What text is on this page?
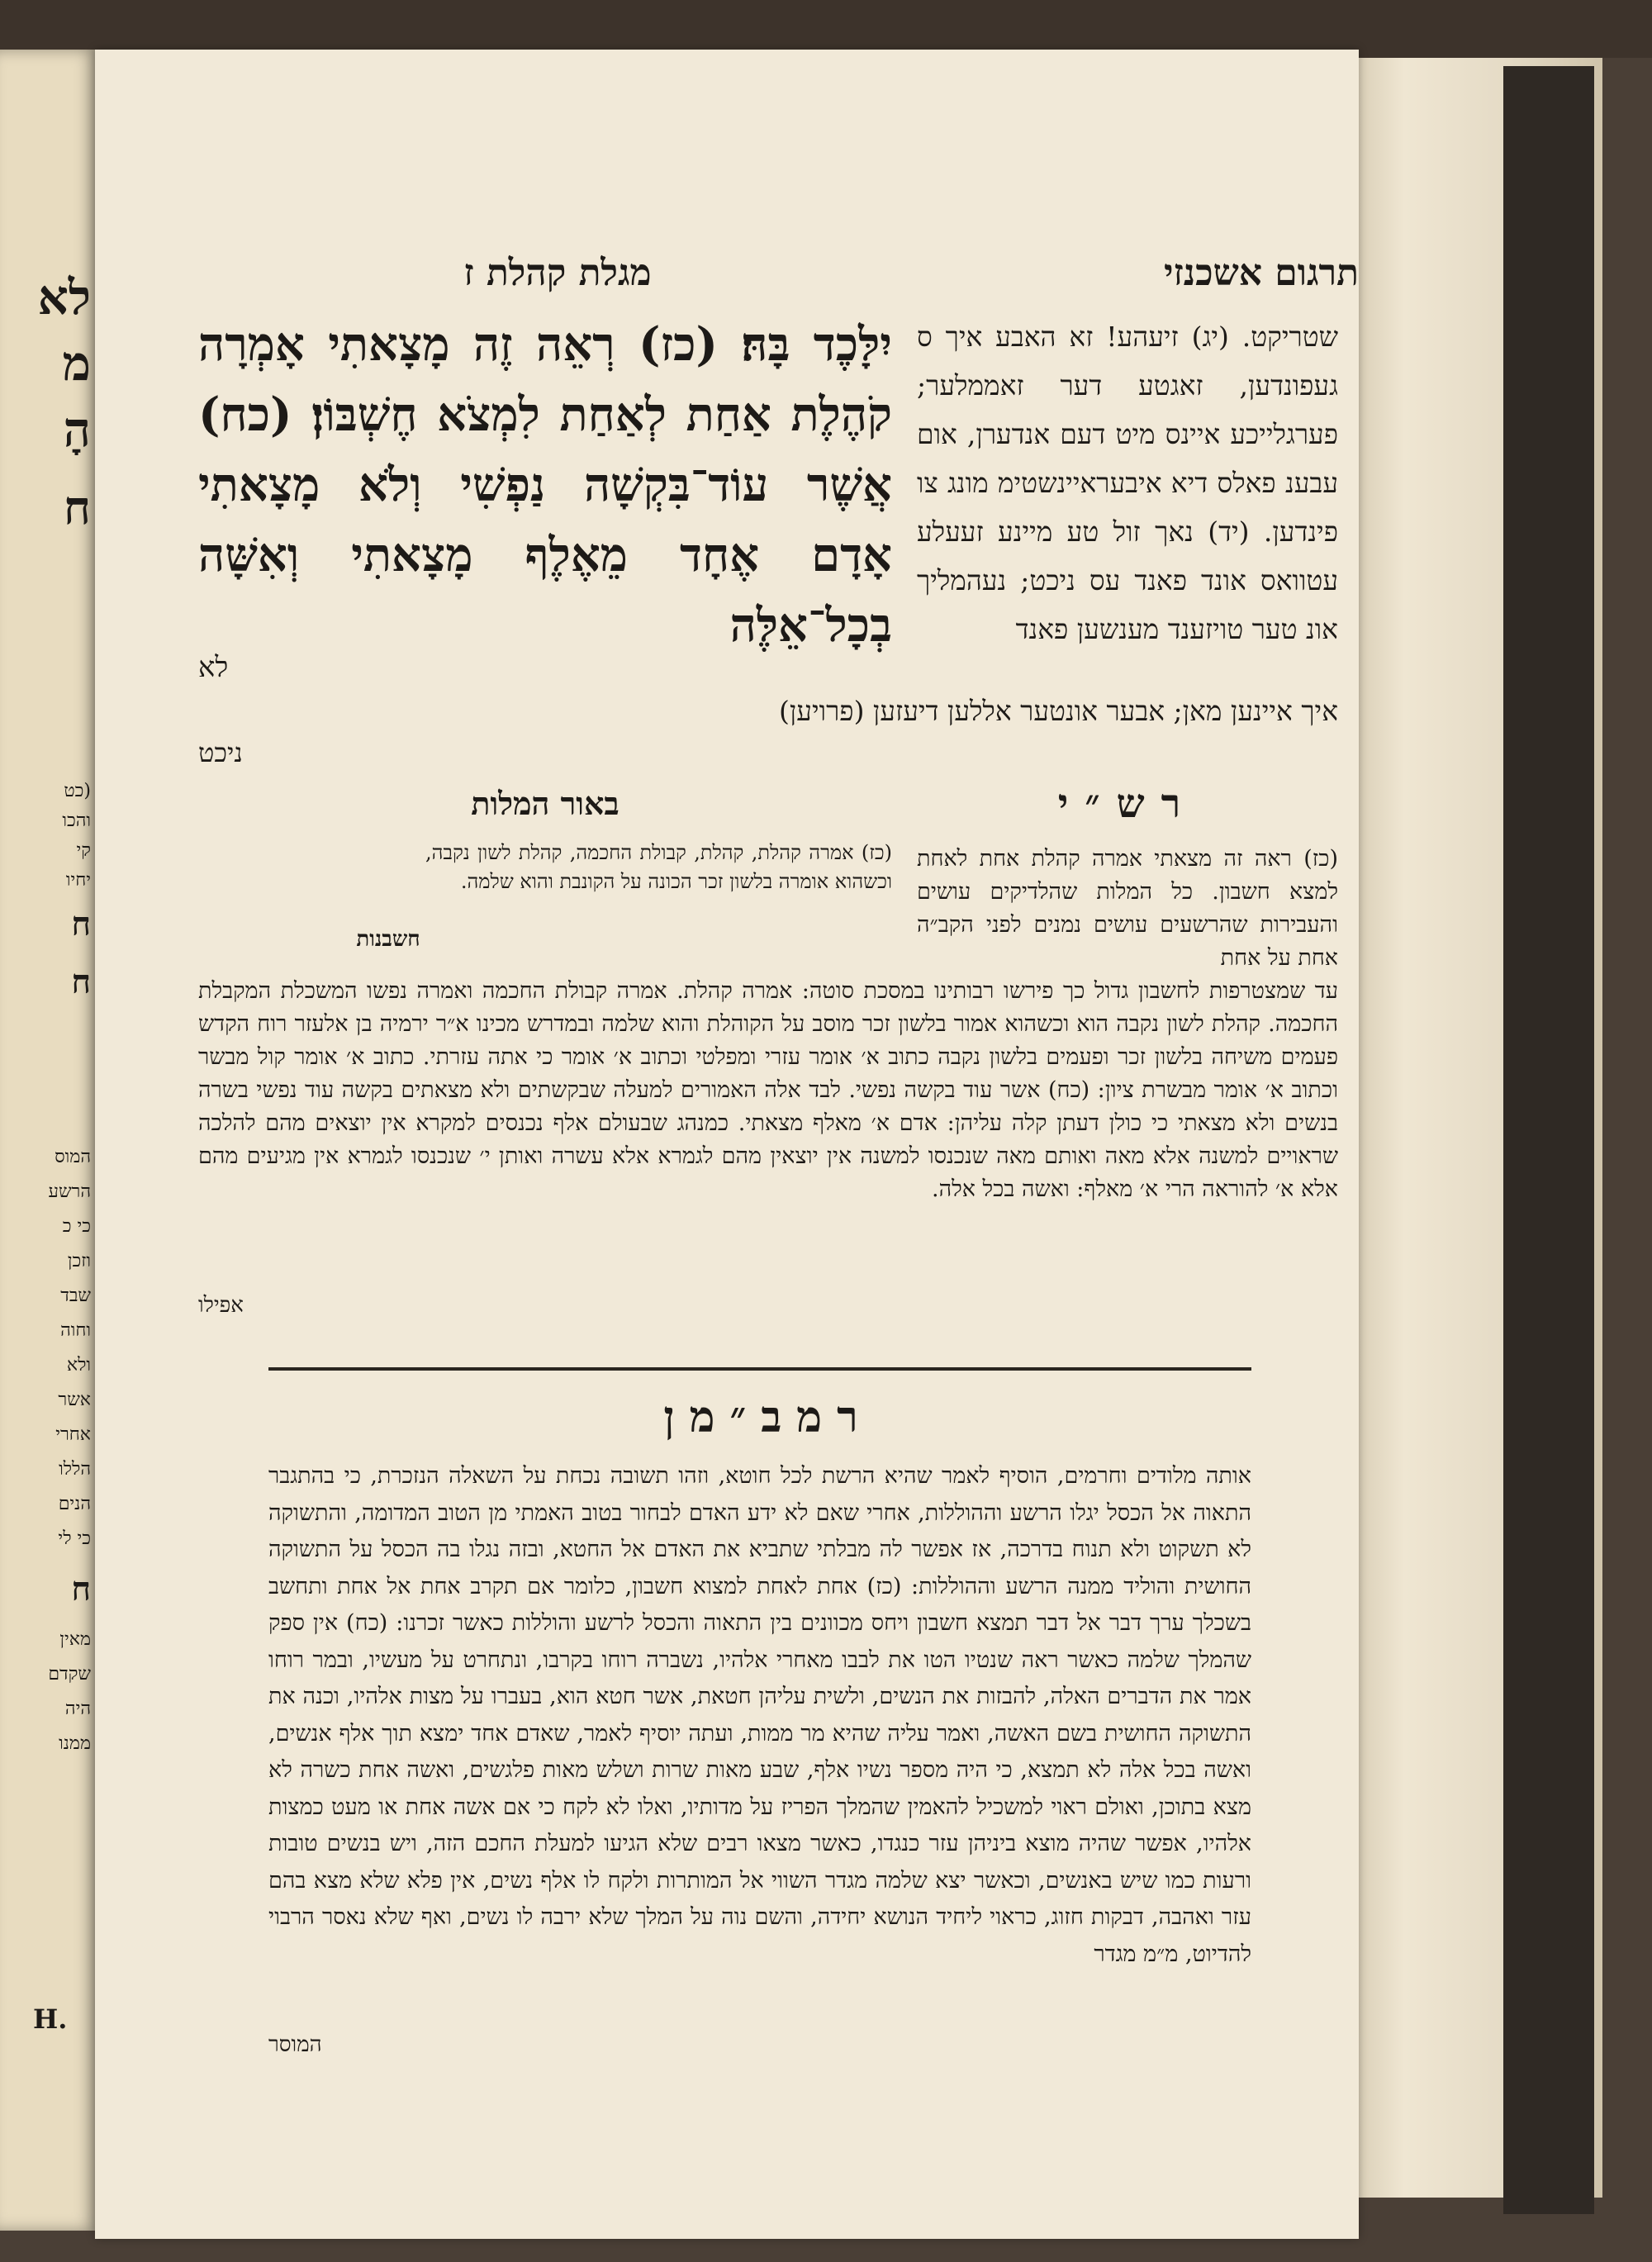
לא
מ
הָ
ח
(כט
והכו
קי
יחיו
ח
ח
המוס
הרשע
כי כ
וזכן
שבד
וחוה
ולא
אשר
אחרי
הללו
הנים
כי לי
ח
מאין
שקדם
היה
ממנו
H.
תרגום אשכנזי
מגלת קהלת ז
יִלָּכֶד בָּהּ׃ (כז) רְאֵה זֶה מָצָאתִי אָמְרָה קֹהֶלֶת אַחַת לְאַחַת לִמְצֹא חֶשְׁבּוֹן׃ (כח) אֲשֶׁר עוֹד־בִּקְשָׁה נַפְשִׁי וְלֹא מָצָאתִי אָדָם אֶחָד מֵאֶלֶף מָצָאתִי וְאִשָּׁה בְכָל־אֵלֶּה
לא
שטריקט. (יג) זיעהע! זא האבע איך ס געפונדען, זאגטע דער זאממלער; פערגלייכע איינס מיט דעם אנדערן, אום עבענ פאלס דיא איבעראיינשטימ מונג צו פינדען. (יד) נאך זול טע מיינע זעעלע עטוואס אונד פאנד עס ניכט; נעהמליך אונ טער טויזענד מענשען פאנד
איך איינען מאן; אבער אונטער אללען דיעזען (פרויען)
ניכט
רש״י
באור המלות
(כז) אמרה קהלת, קהלת, קבולת החכמה, קהלת לשון נקבה, וכשהוא אומרה בלשון זכר הכונה על הקונבת והוא שלמה.
חשבנות
(כז) ראה זה מצאתי אמרה קהלת אחת לאחת למצא חשבון. כל המלות שהלדיקים עושים והעבירות שהרשעים עושים נמנים לפני הקב״ה אחת על אחת
עד שמצטרפות לחשבון גדול כך פירשו רבותינו במסכת סוטה: אמרה קהלת. אמרה קבולת החכמה ואמרה נפשו המשכלת המקבלת החכמה. קהלת לשון נקבה הוא וכשהוא אמור בלשון זכר מוסב על הקוהלת והוא שלמה ובמדרש מכינו א״ר ירמיה בן אלעזר רוח הקדש פעמים משיחה בלשון זכר ופעמים בלשון נקבה כתוב א׳ אומר עזרי ומפלטי וכתוב א׳ אומר כי אתה עזרתי. כתוב א׳ אומר קול מבשר וכתוב א׳ אומר מבשרת ציון: (כח) אשר עוד בקשה נפשי. לבד אלה האמורים למעלה שבקשתים ולא מצאתים בקשה עוד נפשי בשרה בנשים ולא מצאתי כי כולן דעתן קלה עליהן: אדם א׳ מאלף מצאתי. כמנהג שבעולם אלף נכנסים למקרא אין יוצאים מהם להלכה שראויים למשנה אלא מאה ואותם מאה שנכנסו למשנה אין יוצאין מהם לגמרא אלא עשרה ואותן י׳ שנכנסו לגמרא אין מגיעים מהם אלא א׳ להוראה הרי א׳ מאלף: ואשה בכל אלה.
אפילו
רמב״מן
אותה מלודים וחרמים, הוסיף לאמר שהיא הרשת לכל חוטא, וזהו תשובה נכחת על השאלה הנזכרת, כי בהתגבר התאוה אל הכסל יגלו הרשע וההוללות, אחרי שאם לא ידע האדם לבחור בטוב האמתי מן הטוב המדומה, והתשוקה לא תשקוט ולא תנוח בדרכה, אז אפשר לה מבלתי שתביא את האדם אל החטא, ובזה נגלו בה הכסל על התשוקה החושית והוליד ממנה הרשע וההוללות: (כז) אחת לאחת למצוא חשבון, כלומר אם תקרב אחת אל אחת ותחשב בשכלך ערך דבר אל דבר תמצא חשבון ויחס מכוונים בין התאוה והכסל לרשע והוללות כאשר זכרנו: (כח) אין ספק שהמלך שלמה כאשר ראה שנטיו הטו את לבבו מאחרי אלהיו, נשברה רוחו בקרבו, ונתחרט על מעשיו, ובמר רוחו אמר את הדברים האלה, להבזות את הנשים, ולשית עליהן חטאת, אשר חטא הוא, בעברו על מצות אלהיו, וכנה את התשוקה החושית בשם האשה, ואמר עליה שהיא מר ממות, ועתה יוסיף לאמר, שאדם אחד ימצא תוך אלף אנשים, ואשה בכל אלה לא תמצא, כי היה מספר נשיו אלף, שבע מאות שרות ושלש מאות פלגשים, ואשה אחת כשרה לא מצא בתוכן, ואולם ראוי למשכיל להאמין שהמלך הפריז על מדותיו, ואלו לא לקח כי אם אשה אחת או מעט כמצות אלהיו, אפשר שהיה מוצא ביניהן עזר כנגדו, כאשר מצאו רבים שלא הגיעו למעלת החכם הזה, ויש בנשים טובות ורעות כמו שיש באנשים, וכאשר יצא שלמה מגדר השווי אל המותרות ולקח לו אלף נשים, אין פלא שלא מצא בהם עזר ואהבה, דבקות חזוג, כראוי ליחיד הנושא יחידה, והשם נוה על המלך שלא ירבה לו נשים, ואף שלא נאסר הרבוי להדיוט, מ״מ מגדר
המוסר
